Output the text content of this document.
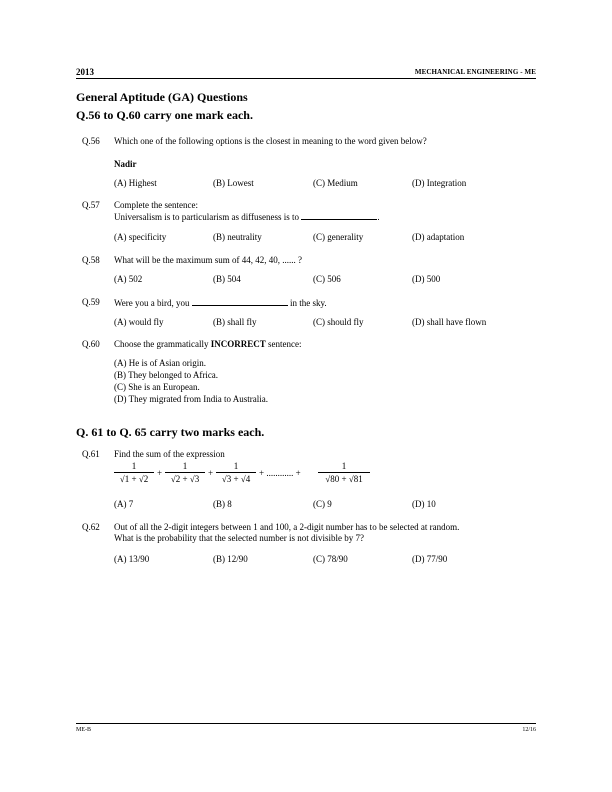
2013	MECHANICAL ENGINEERING - ME
General Aptitude (GA) Questions
Q.56 to Q.60 carry one mark each.
Q.56 Which one of the following options is the closest in meaning to the word given below?
Nadir
(A) Highest	(B) Lowest	(C) Medium	(D) Integration
Q.57 Complete the sentence:
Universalism is to particularism as diffuseness is to	.
(A) specificity	(B) neutrality	(C) generality	(D) adaptation
Q.58 What will be the maximum sum of 44, 42, 40, ...... ?
(A) 502	(B) 504	(C) 506	(D) 500
Q.59 Were you a bird, you	in the sky.
(A) would fly	(B) shall fly	(C) should fly	(D) shall have flown
Q.60 Choose the grammatically INCORRECT sentence:
(A) He is of Asian origin.
(B) They belonged to Africa.
(C) She is an European.
(D) They migrated from India to Australia.
Q. 61 to Q. 65 carry two marks each.
Q.61 Find the sum of the expression
1
√1 + √2
+
1
√2 + √3
+
1
√3 + √4
+ ............ +
1
√80 + √81
(A) 7	(B) 8	(C) 9	(D) 10
Q.62 Out of all the 2-digit integers between 1 and 100, a 2-digit number has to be selected at random.
What is the probability that the selected number is not divisible by 7?
(A) 13/90	(B) 12/90	(C) 78/90	(D) 77/90
ME-B	12/16
